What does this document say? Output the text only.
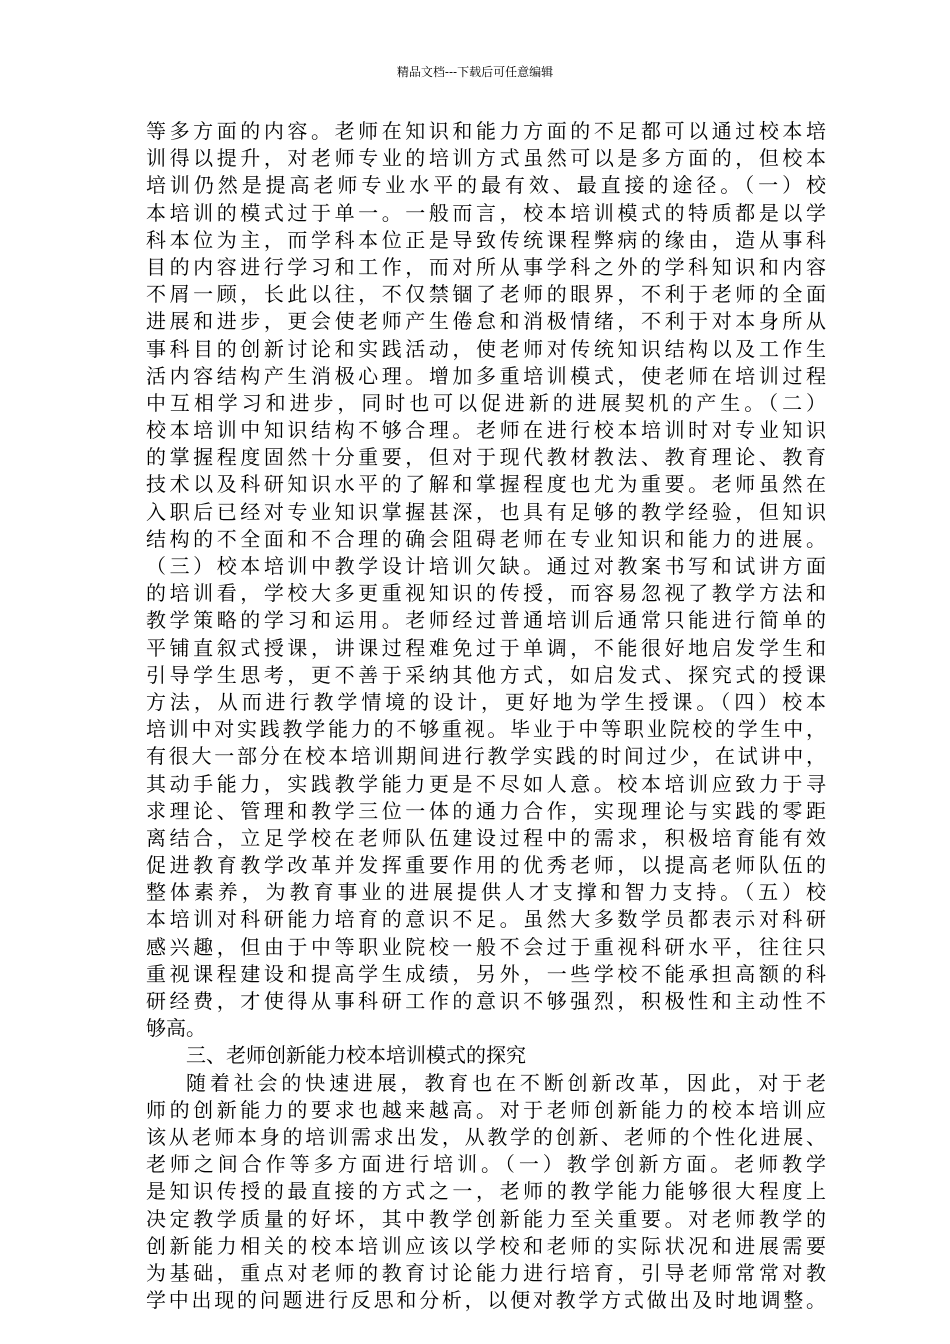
精品文档---下载后可任意编辑
等多方面的内容。老师在知识和能力方面的不足都可以通过校本培
训得以提升，对老师专业的培训方式虽然可以是多方面的，但校本
培训仍然是提高老师专业水平的最有效、最直接的途径。（一）校
本培训的模式过于单一。一般而言，校本培训模式的特质都是以学
科本位为主，而学科本位正是导致传统课程弊病的缘由，造从事科
目的内容进行学习和工作，而对所从事学科之外的学科知识和内容
不屑一顾，长此以往，不仅禁锢了老师的眼界，不利于老师的全面
进展和进步，更会使老师产生倦怠和消极情绪，不利于对本身所从
事科目的创新讨论和实践活动，使老师对传统知识结构以及工作生
活内容结构产生消极心理。增加多重培训模式，使老师在培训过程
中互相学习和进步，同时也可以促进新的进展契机的产生。（二）
校本培训中知识结构不够合理。老师在进行校本培训时对专业知识
的掌握程度固然十分重要，但对于现代教材教法、教育理论、教育
技术以及科研知识水平的了解和掌握程度也尤为重要。老师虽然在
入职后已经对专业知识掌握甚深，也具有足够的教学经验，但知识
结构的不全面和不合理的确会阻碍老师在专业知识和能力的进展。
（三）校本培训中教学设计培训欠缺。通过对教案书写和试讲方面
的培训看，学校大多更重视知识的传授，而容易忽视了教学方法和
教学策略的学习和运用。老师经过普通培训后通常只能进行简单的
平铺直叙式授课，讲课过程难免过于单调，不能很好地启发学生和
引导学生思考，更不善于采纳其他方式，如启发式、探究式的授课
方法，从而进行教学情境的设计，更好地为学生授课。（四）校本
培训中对实践教学能力的不够重视。毕业于中等职业院校的学生中，
有很大一部分在校本培训期间进行教学实践的时间过少，在试讲中，
其动手能力，实践教学能力更是不尽如人意。校本培训应致力于寻
求理论、管理和教学三位一体的通力合作，实现理论与实践的零距
离结合，立足学校在老师队伍建设过程中的需求，积极培育能有效
促进教育教学改革并发挥重要作用的优秀老师，以提高老师队伍的
整体素养，为教育事业的进展提供人才支撑和智力支持。（五）校
本培训对科研能力培育的意识不足。虽然大多数学员都表示对科研
感兴趣，但由于中等职业院校一般不会过于重视科研水平，往往只
重视课程建设和提高学生成绩，另外，一些学校不能承担高额的科
研经费，才使得从事科研工作的意识不够强烈，积极性和主动性不
够高。
三、老师创新能力校本培训模式的探究
随着社会的快速进展，教育也在不断创新改革，因此，对于老
师的创新能力的要求也越来越高。对于老师创新能力的校本培训应
该从老师本身的培训需求出发，从教学的创新、老师的个性化进展、
老师之间合作等多方面进行培训。（一）教学创新方面。老师教学
是知识传授的最直接的方式之一，老师的教学能力能够很大程度上
决定教学质量的好坏，其中教学创新能力至关重要。对老师教学的
创新能力相关的校本培训应该以学校和老师的实际状况和进展需要
为基础，重点对老师的教育讨论能力进行培育，引导老师常常对教
学中出现的问题进行反思和分析，以便对教学方式做出及时地调整。
